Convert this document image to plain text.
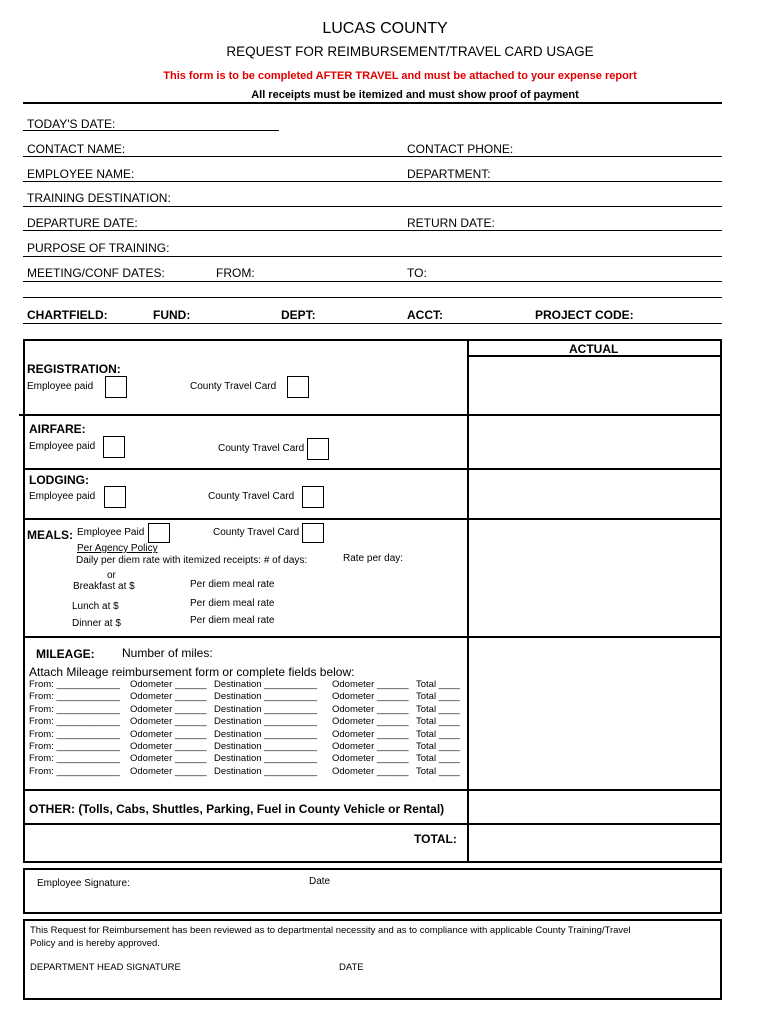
LUCAS COUNTY
REQUEST FOR REIMBURSEMENT/TRAVEL CARD USAGE
This form is to be completed AFTER TRAVEL and must be attached to your expense report
All receipts must be itemized and must show proof of payment
TODAY'S DATE:
CONTACT NAME:	CONTACT PHONE:
EMPLOYEE NAME:	DEPARTMENT:
TRAINING DESTINATION:
DEPARTURE DATE:	RETURN DATE:
PURPOSE OF TRAINING:
MEETING/CONF DATES:	FROM:	TO:
CHARTFIELD:	FUND:	DEPT:	ACCT:	PROJECT CODE:
ACTUAL
REGISTRATION:
Employee paid	County Travel Card
AIRFARE:
Employee paid	County Travel Card
LODGING:
Employee paid	County Travel Card
MEALS: Employee Paid	County Travel Card
Per Agency Policy
Daily per diem rate with itemized receipts: # of days:	Rate per day:
or
Breakfast at $	Per diem meal rate
Lunch at $	Per diem meal rate
Dinner at $	Per diem meal rate
MILEAGE: Number of miles:
Attach Mileage reimbursement form or complete fields below:
From: ____________ Odometer ______ Destination __________ Odometer ______ Total ____
From: ____________ Odometer ______ Destination __________ Odometer ______ Total ____
From: ____________ Odometer ______ Destination __________ Odometer ______ Total ____
From: ____________ Odometer ______ Destination __________ Odometer ______ Total ____
From: ____________ Odometer ______ Destination __________ Odometer ______ Total ____
From: ____________ Odometer ______ Destination __________ Odometer ______ Total ____
From: ____________ Odometer ______ Destination __________ Odometer ______ Total ____
From: ____________ Odometer ______ Destination __________ Odometer ______ Total ____
OTHER: (Tolls, Cabs, Shuttles, Parking, Fuel in County Vehicle or Rental)
TOTAL:
Employee Signature:	Date
This Request for Reimbursement has been reviewed as to departmental necessity and as to compliance with applicable County Training/Travel
Policy and is hereby approved.
DEPARTMENT HEAD SIGNATURE	DATE
